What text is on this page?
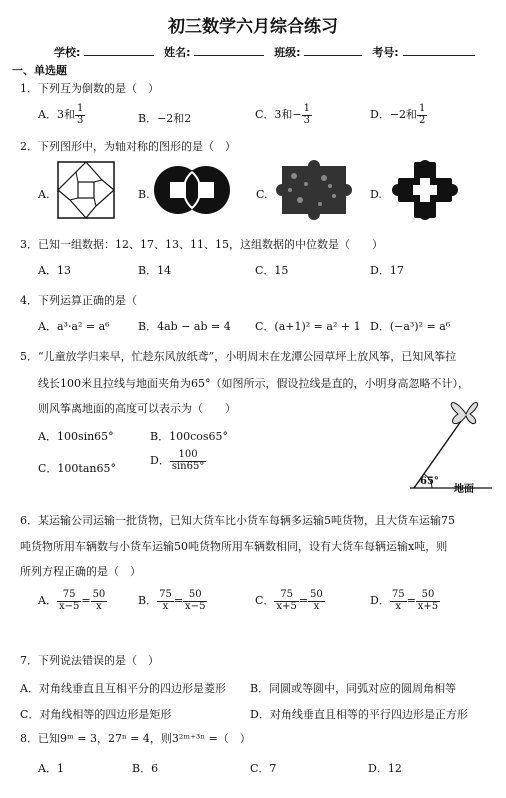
初三数学六月综合练习
学校:	姓名:	班级:	考号:
一、单选题
1．下列互为倒数的是（　）
A．3和 $\frac{1}{3}$	B．−2和2	C．3和− $\frac{1}{3}$	D．−2和 $\frac{1}{2}$
2．下列图形中，为轴对称的图形的是（　）
A.	B.	C.	D.
3．已知一组数据：12、17、13、11、15，这组数据的中位数是（　　）
A．13	B．14	C．15	D．17
4．下列运算正确的是（
A．a³·a² = a⁶	B．4ab − ab = 4 C．(a+1)² = a² + 1 D．(−a³)² = a⁶
5．“儿童放学归来早，忙趁东风放纸鸢”，小明周末在龙潭公园草坪上放风筝，已知风筝拉
线长100米且拉线与地面夹角为65°（如图所示，假设拉线是直的，小明身高忽略不计），
则风筝离地面的高度可以表示为（　　）
A．100sin65°	B．100cos65°
C．100tan65°
D． $\frac{100}{\sin 65^\circ}$
65°
地面
6．某运输公司运输一批货物，已知大货车比小货车每辆多运输5吨货物，且大货车运输75
吨货物所用车辆数与小货车运输50吨货物所用车辆数相同，设有大货车每辆运输x吨，则
所列方程正确的是（　）
A． $\frac{75}{x-5} = \frac{50}{x}$	B． $\frac{75}{x} = \frac{50}{x-5}$	C． $\frac{75}{x+5} = \frac{50}{x}$	D． $\frac{75}{x} = \frac{50}{x+5}$
7．下列说法错误的是（　）
A．对角线垂直且互相平分的四边形是菱形 B．同圆或等圆中，同弧对应的圆周角相等
C．对角线相等的四边形是矩形	D．对角线垂直且相等的平行四边形是正方形
8．已知9ᵐ = 3，27ⁿ = 4，则3²ᵐ⁺³ⁿ =（　）
A．1	B．6	C．7	D．12
